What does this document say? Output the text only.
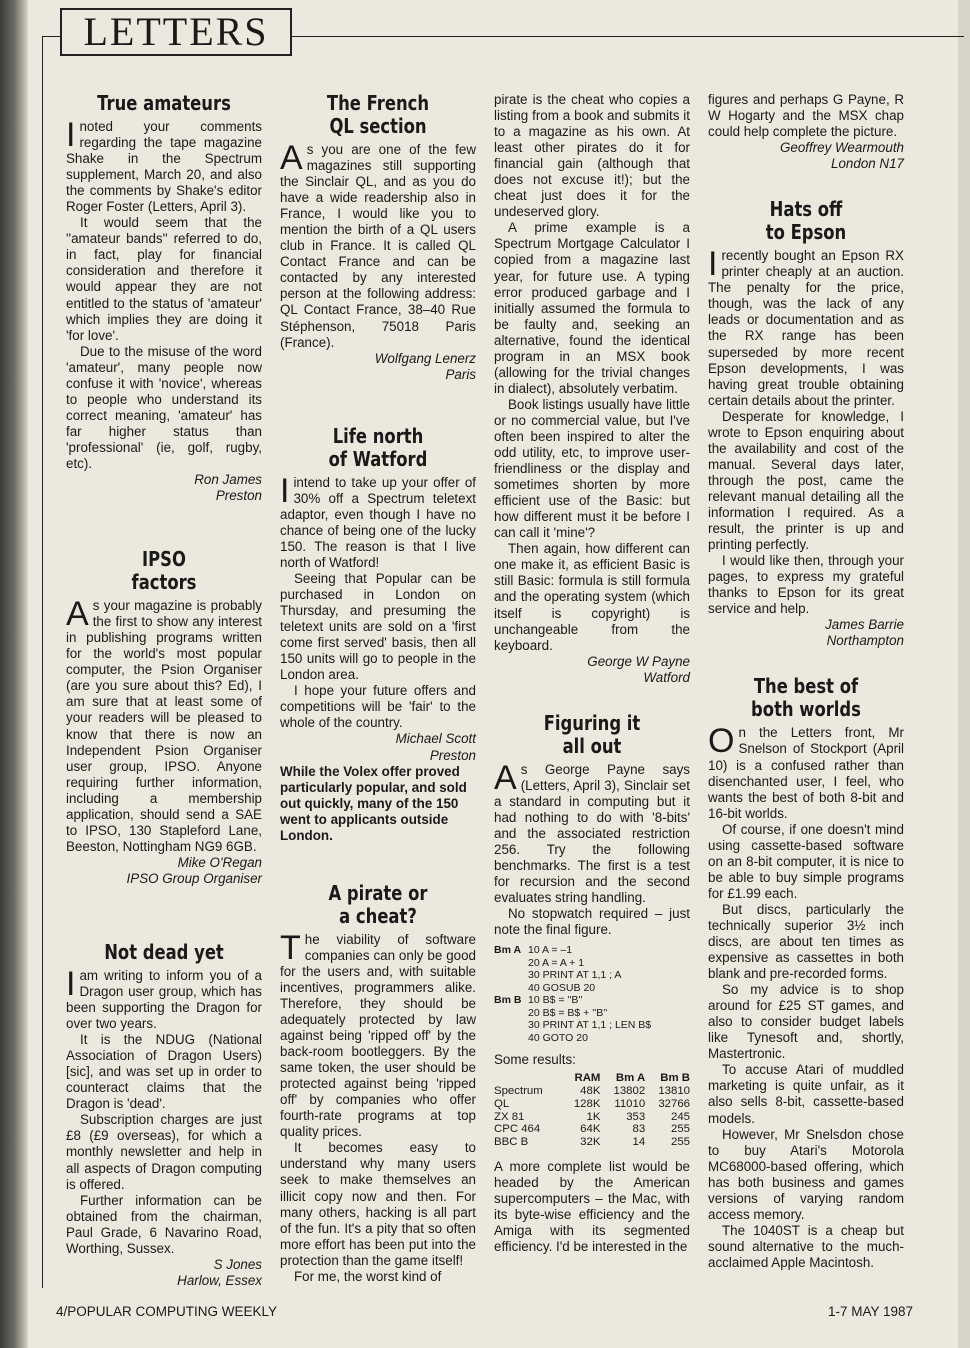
LETTERS
True amateurs

I noted your comments regarding the tape magazine Shake in the Spectrum supplement, March 20, and also the comments by Shake's editor Roger Foster (Letters, April 3).

It would seem that the ''amateur bands'' referred to do, in fact, play for financial consideration and therefore it would appear they are not entitled to the status of 'amateur' which implies they are doing it 'for love'.

Due to the misuse of the word 'amateur', many people now confuse it with 'novice', whereas to people who understand its correct meaning, 'amateur' has far higher status than 'professional' (ie, golf, rugby, etc).

Ron James
Preston
IPSO
factors

As your magazine is probably the first to show any interest in publishing programs written for the world's most popular computer, the Psion Organiser (are you sure about this? Ed), I am sure that at least some of your readers will be pleased to know that there is now an Independent Psion Organiser user group, IPSO. Anyone requiring further information, including a membership application, should send a SAE to IPSO, 130 Stapleford Lane, Beeston, Nottingham NG9 6GB.

Mike O'Regan
IPSO Group Organiser
Not dead yet

I am writing to inform you of a Dragon user group, which has been supporting the Dragon for over two years.

It is the NDUG (National Association of Dragon Users) [sic], and was set up in order to counteract claims that the Dragon is 'dead'.

Subscription charges are just £8 (£9 overseas), for which a monthly newsletter and help in all aspects of Dragon computing is offered.

Further information can be obtained from the chairman, Paul Grade, 6 Navarino Road, Worthing, Sussex.

S Jones
Harlow, Essex
The French
QL section

As you are one of the few magazines still supporting the Sinclair QL, and as you do have a wide readership also in France, I would like you to mention the birth of a QL users club in France. It is called QL Contact France and can be contacted by any interested person at the following address: QL Contact France, 38–40 Rue Stéphenson, 75018 Paris (France).

Wolfgang Lenerz
Paris
Life north
of Watford

I intend to take up your offer of 30% off a Spectrum teletext adaptor, even though I have no chance of being one of the lucky 150. The reason is that I live north of Watford!

Seeing that Popular can be purchased in London on Thursday, and presuming the teletext units are sold on a 'first come first served' basis, then all 150 units will go to people in the London area.

I hope your future offers and competitions will be 'fair' to the whole of the country.

Michael Scott
Preston

While the Volex offer proved particularly popular, and sold out quickly, many of the 150 went to applicants outside London.

A pirate or
a cheat?

The viability of software companies can only be good for the users and, with suitable incentives, programmers alike. Therefore, they should be adequately protected by law against being 'ripped off' by the back-room bootleggers. By the same token, the user should be protected against being 'ripped off' by companies who offer fourth-rate programs at top quality prices.

It becomes easy to understand why many users seek to make themselves an illicit copy now and then. For many others, hacking is all part of the fun. It's a pity that so often more effort has been put into the protection than the game itself!

For me, the worst kind of

pirate is the cheat who copies a listing from a book and submits it to a magazine as his own. At least other pirates do it for financial gain (although that does not excuse it!); but the cheat just does it for the undeserved glory.

A prime example is a Spectrum Mortgage Calculator I copied from a magazine last year, for future use. A typing error produced garbage and I initially assumed the formula to be faulty and, seeking an alternative, found the identical program in an MSX book (allowing for the trivial changes in dialect), absolutely verbatim.

Book listings usually have little or no commercial value, but I've often been inspired to alter the odd utility, etc, to improve user-friendliness or the display and sometimes shorten by more efficient use of the Basic: but how different must it be before I can call it 'mine'?

Then again, how different can one make it, as efficient Basic is still Basic: formula is still formula and the operating system (which itself is copyright) is unchangeable from the keyboard.

George W Payne
Watford
Figuring it
all out

As George Payne says (Letters, April 3), Sinclair set a standard in computing but it had nothing to do with '8-bits' and the associated restriction 256. Try the following benchmarks. The first is a test for recursion and the second evaluates string handling.

No stopwatch required – just note the final figure.

Bm A 10 A = –1
20 A = A + 1
30 PRINT AT 1,1 ; A
40 GOSUB 20
Bm B 10 B$ = ''B''
20 B$ = B$ + ''B''
30 PRINT AT 1,1 ; LEN B$
40 GOTO 20

Some results:

	RAM	Bm A	Bm B
Spectrum	48K	13802	13810
QL	128K	11010	32766
ZX 81	1K	353	245
CPC 464	64K	83	255
BBC B	32K	14	255

A more complete list would be headed by the American supercomputers – the Mac, with its byte-wise efficiency and the Amiga with its segmented efficiency. I'd be interested in the

figures and perhaps G Payne, R W Hogarty and the MSX chap could help complete the picture.

Geoffrey Wearmouth
London N17
Hats off
to Epson

I recently bought an Epson RX printer cheaply at an auction. The penalty for the price, though, was the lack of any leads or documentation and as the RX range has been superseded by more recent Epson developments, I was having great trouble obtaining certain details about the printer.

Desperate for knowledge, I wrote to Epson enquiring about the availability and cost of the manual. Several days later, through the post, came the relevant manual detailing all the information I required. As a result, the printer is up and printing perfectly.

I would like then, through your pages, to express my grateful thanks to Epson for its great service and help.

James Barrie
Northampton
The best of
both worlds

On the Letters front, Mr Snelson of Stockport (April 10) is a confused rather than disenchanted user, I feel, who wants the best of both 8-bit and 16-bit worlds.

Of course, if one doesn't mind using cassette-based software on an 8-bit computer, it is nice to be able to buy simple programs for £1.99 each.

But discs, particularly the technically superior 3½ inch discs, are about ten times as expensive as cassettes in both blank and pre-recorded forms.

So my advice is to shop around for £25 ST games, and also to consider budget labels like Tynesoft and, shortly, Mastertronic.

To accuse Atari of muddled marketing is quite unfair, as it also sells 8-bit, cassette-based models.

However, Mr Snelsdon chose to buy Atari's Motorola MC68000-based offering, which has both business and games versions of varying random access memory.

The 1040ST is a cheap but sound alternative to the much-acclaimed Apple Macintosh.

4/POPULAR COMPUTING WEEKLY	1-7 MAY 1987
